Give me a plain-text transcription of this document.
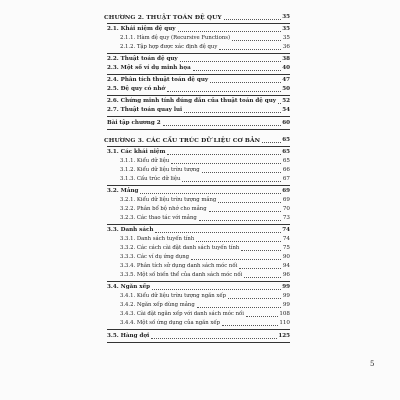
CHƯƠNG 2. THUẬT TOÁN ĐỆ QUY	35
2.1. Khái niệm đệ quy	35
2.1.1. Hàm đệ quy (Recursive Functions)	35
2.1.2. Tập hợp được xác định đệ quy	36
2.2. Thuật toán đệ quy	38
2.3. Một số ví dụ minh họa	40
2.4. Phân tích thuật toán đệ quy	47
2.5. Đệ quy có nhớ	50
2.6. Chứng minh tính đúng đắn của thuật toán đệ quy 52
2.7. Thuật toán quay lui	54
Bài tập chương 2	60
CHƯƠNG 3. CÁC CẤU TRÚC DỮ LIỆU CƠ BẢN	65
3.1. Các khái niệm	65
3.1.1. Kiểu dữ liệu	65
3.1.2. Kiểu dữ liệu trừu tượng	66
3.1.3. Cấu trúc dữ liệu	67
3.2. Mảng	69
3.2.1. Kiểu dữ liệu trừu tượng mảng	69
3.2.2. Phân bổ bộ nhớ cho mảng	70
3.2.3. Các thao tác với mảng	73
3.3. Danh sách	74
3.3.1. Danh sách tuyến tính	74
3.3.2. Các cách cài đặt danh sách tuyến tính	75
3.3.3. Các ví dụ ứng dụng	90
3.3.4. Phân tích sử dụng danh sách móc nối	94
3.3.5. Một số biến thể của danh sách móc nối	96
3.4. Ngăn xếp	99
3.4.1. Kiểu dữ liệu trừu tượng ngăn xếp	99
3.4.2. Ngăn xếp dùng mảng	99
3.4.3. Cài đặt ngăn xếp với danh sách móc nối	108
3.4.4. Một số ứng dụng của ngăn xếp	110
3.5. Hàng đợi	125
5
